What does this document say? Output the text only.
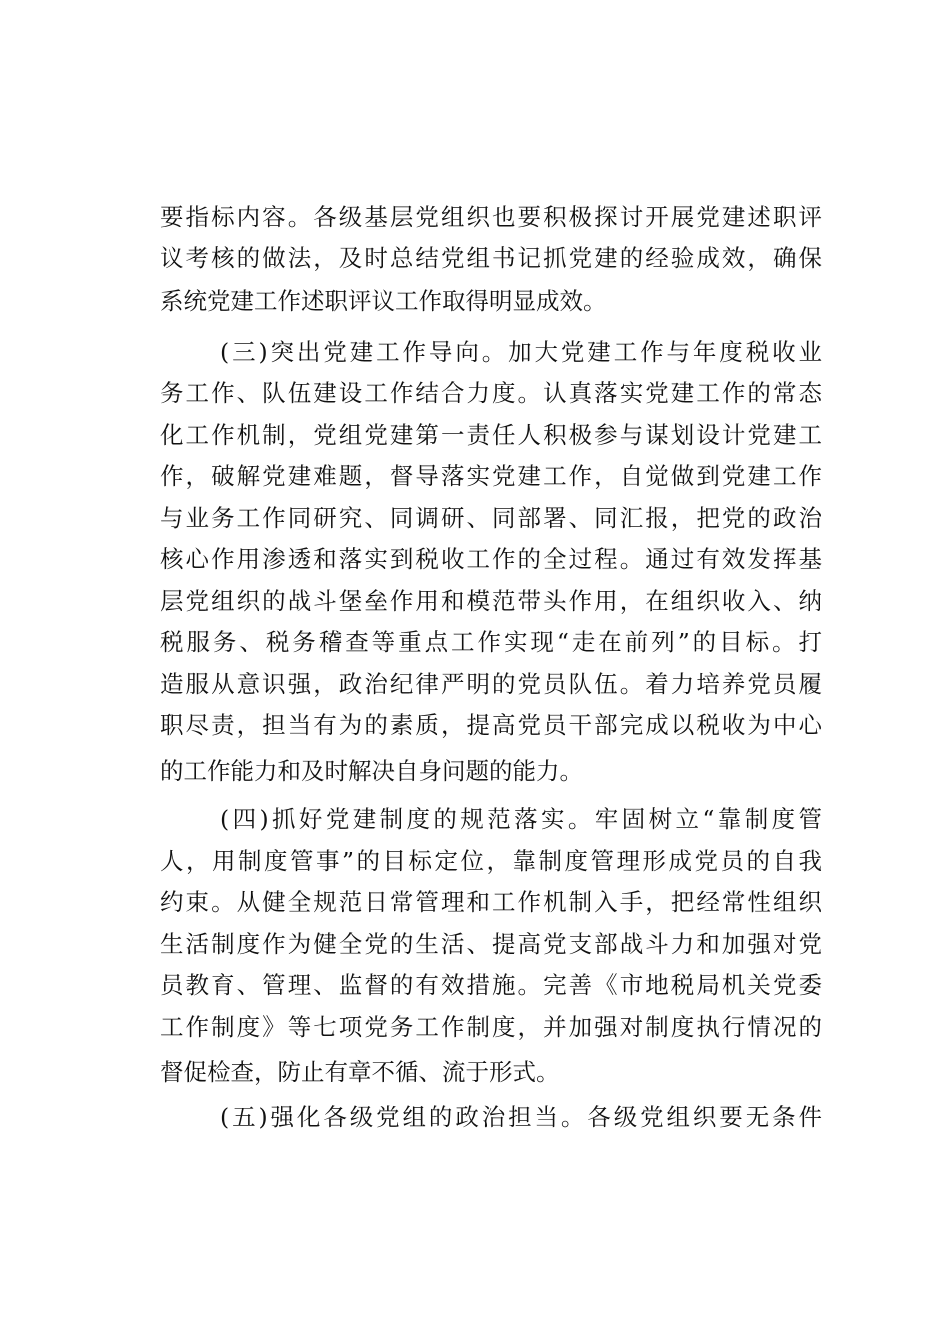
要指标内容。各级基层党组织也要积极探讨开展党建述职评
议考核的做法，及时总结党组书记抓党建的经验成效，确保
系统党建工作述职评议工作取得明显成效。
(三)突出党建工作导向。加大党建工作与年度税收业
务工作、队伍建设工作结合力度。认真落实党建工作的常态
化工作机制，党组党建第一责任人积极参与谋划设计党建工
作，破解党建难题，督导落实党建工作，自觉做到党建工作
与业务工作同研究、同调研、同部署、同汇报，把党的政治
核心作用渗透和落实到税收工作的全过程。通过有效发挥基
层党组织的战斗堡垒作用和模范带头作用，在组织收入、纳
税服务、税务稽查等重点工作实现“走在前列”的目标。打
造服从意识强，政治纪律严明的党员队伍。着力培养党员履
职尽责，担当有为的素质，提高党员干部完成以税收为中心
的工作能力和及时解决自身问题的能力。
(四)抓好党建制度的规范落实。牢固树立“靠制度管
人，用制度管事”的目标定位，靠制度管理形成党员的自我
约束。从健全规范日常管理和工作机制入手，把经常性组织
生活制度作为健全党的生活、提高党支部战斗力和加强对党
员教育、管理、监督的有效措施。完善《市地税局机关党委
工作制度》等七项党务工作制度，并加强对制度执行情况的
督促检查，防止有章不循、流于形式。
(五)强化各级党组的政治担当。各级党组织要无条件
